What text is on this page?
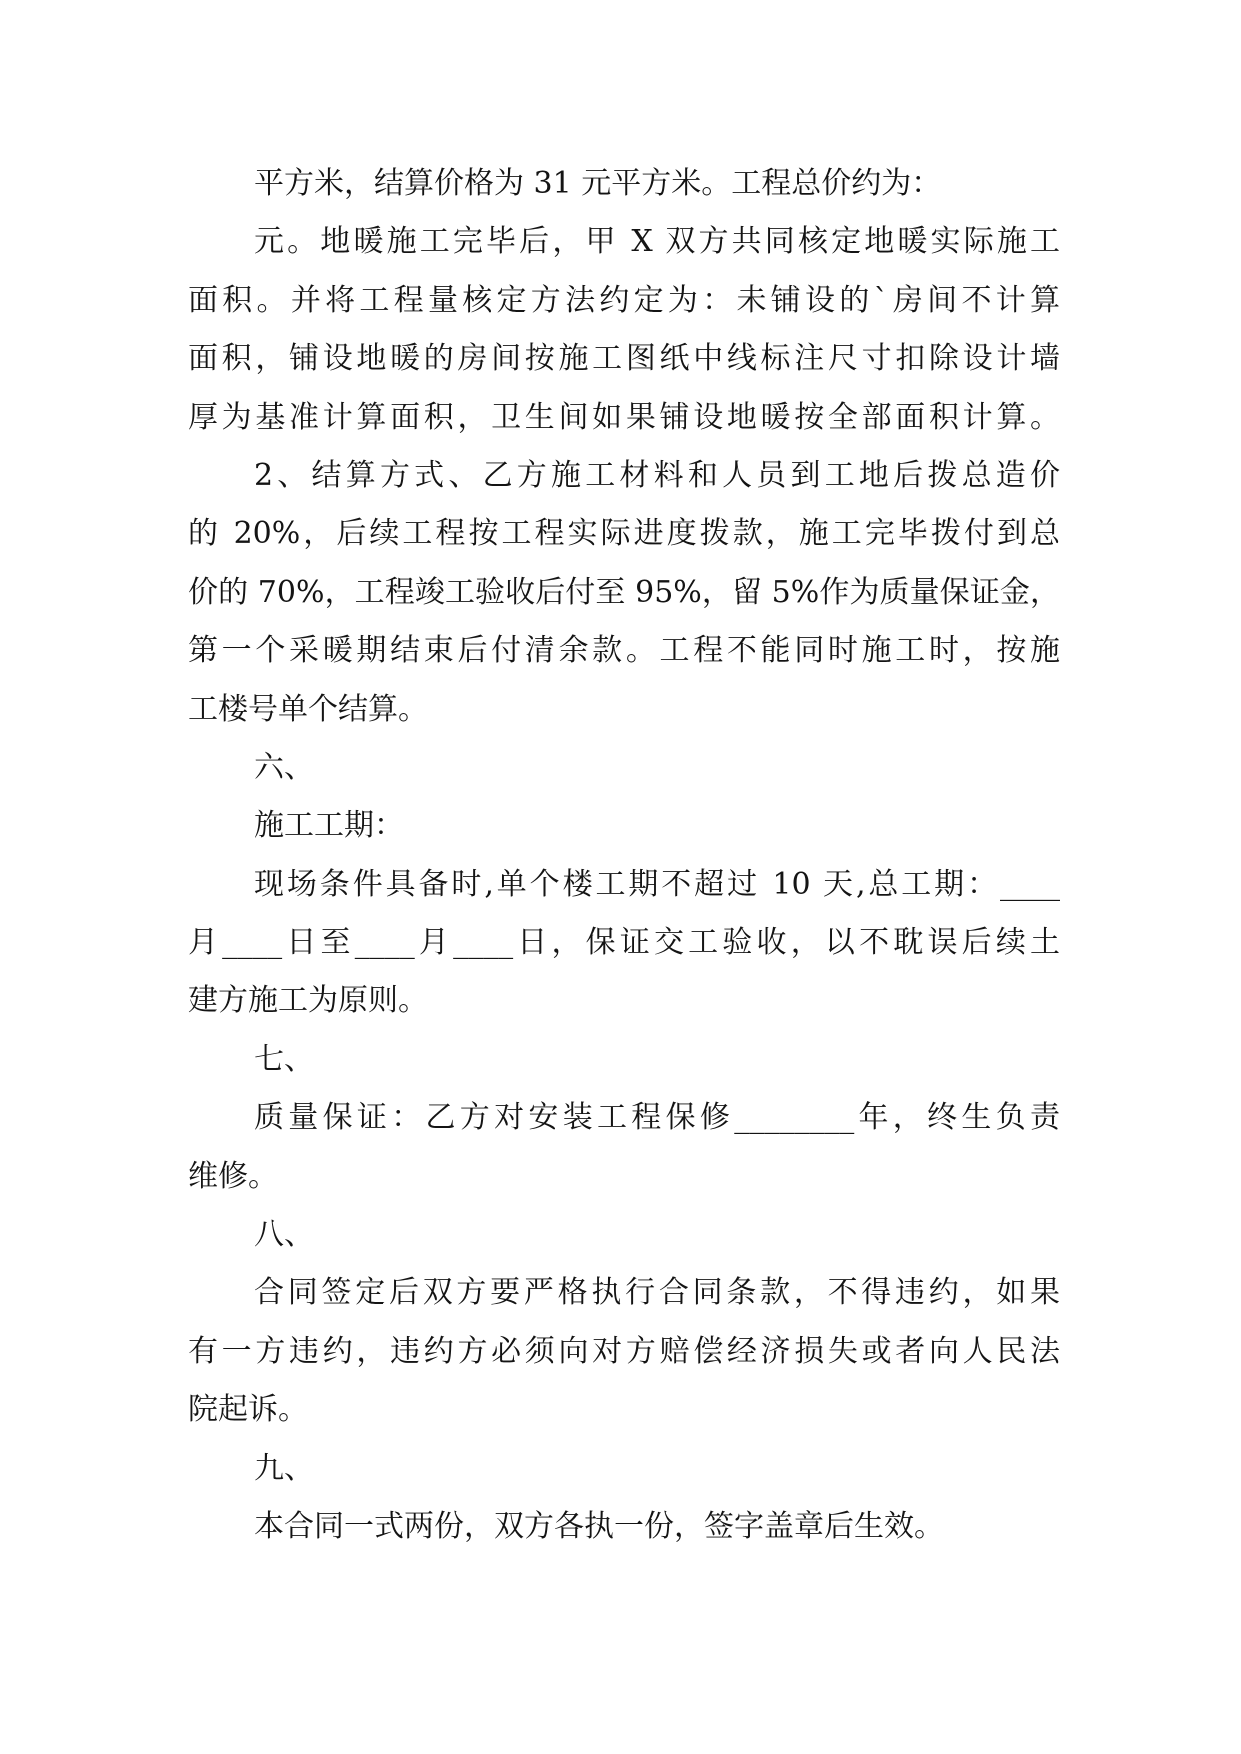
平方米，结算价格为 31 元平方米。工程总价约为：
元。地暖施工完毕后，甲 X 双方共同核定地暖实际施工
面积。并将工程量核定方法约定为：未铺设的`房间不计算
面积，铺设地暖的房间按施工图纸中线标注尺寸扣除设计墙
厚为基准计算面积，卫生间如果铺设地暖按全部面积计算。
2、结算方式、乙方施工材料和人员到工地后拨总造价
的 20%，后续工程按工程实际进度拨款，施工完毕拨付到总
价的 70%，工程竣工验收后付至 95%，留 5%作为质量保证金，
第一个采暖期结束后付清余款。工程不能同时施工时，按施
工楼号单个结算。
六、
施工工期：
现场条件具备时,单个楼工期不超过 10 天,总工期：____
月____日至____月____日，保证交工验收，以不耽误后续土
建方施工为原则。
七、
质量保证：乙方对安装工程保修________年，终生负责
维修。
八、
合同签定后双方要严格执行合同条款，不得违约，如果
有一方违约，违约方必须向对方赔偿经济损失或者向人民法
院起诉。
九、
本合同一式两份，双方各执一份，签字盖章后生效。
